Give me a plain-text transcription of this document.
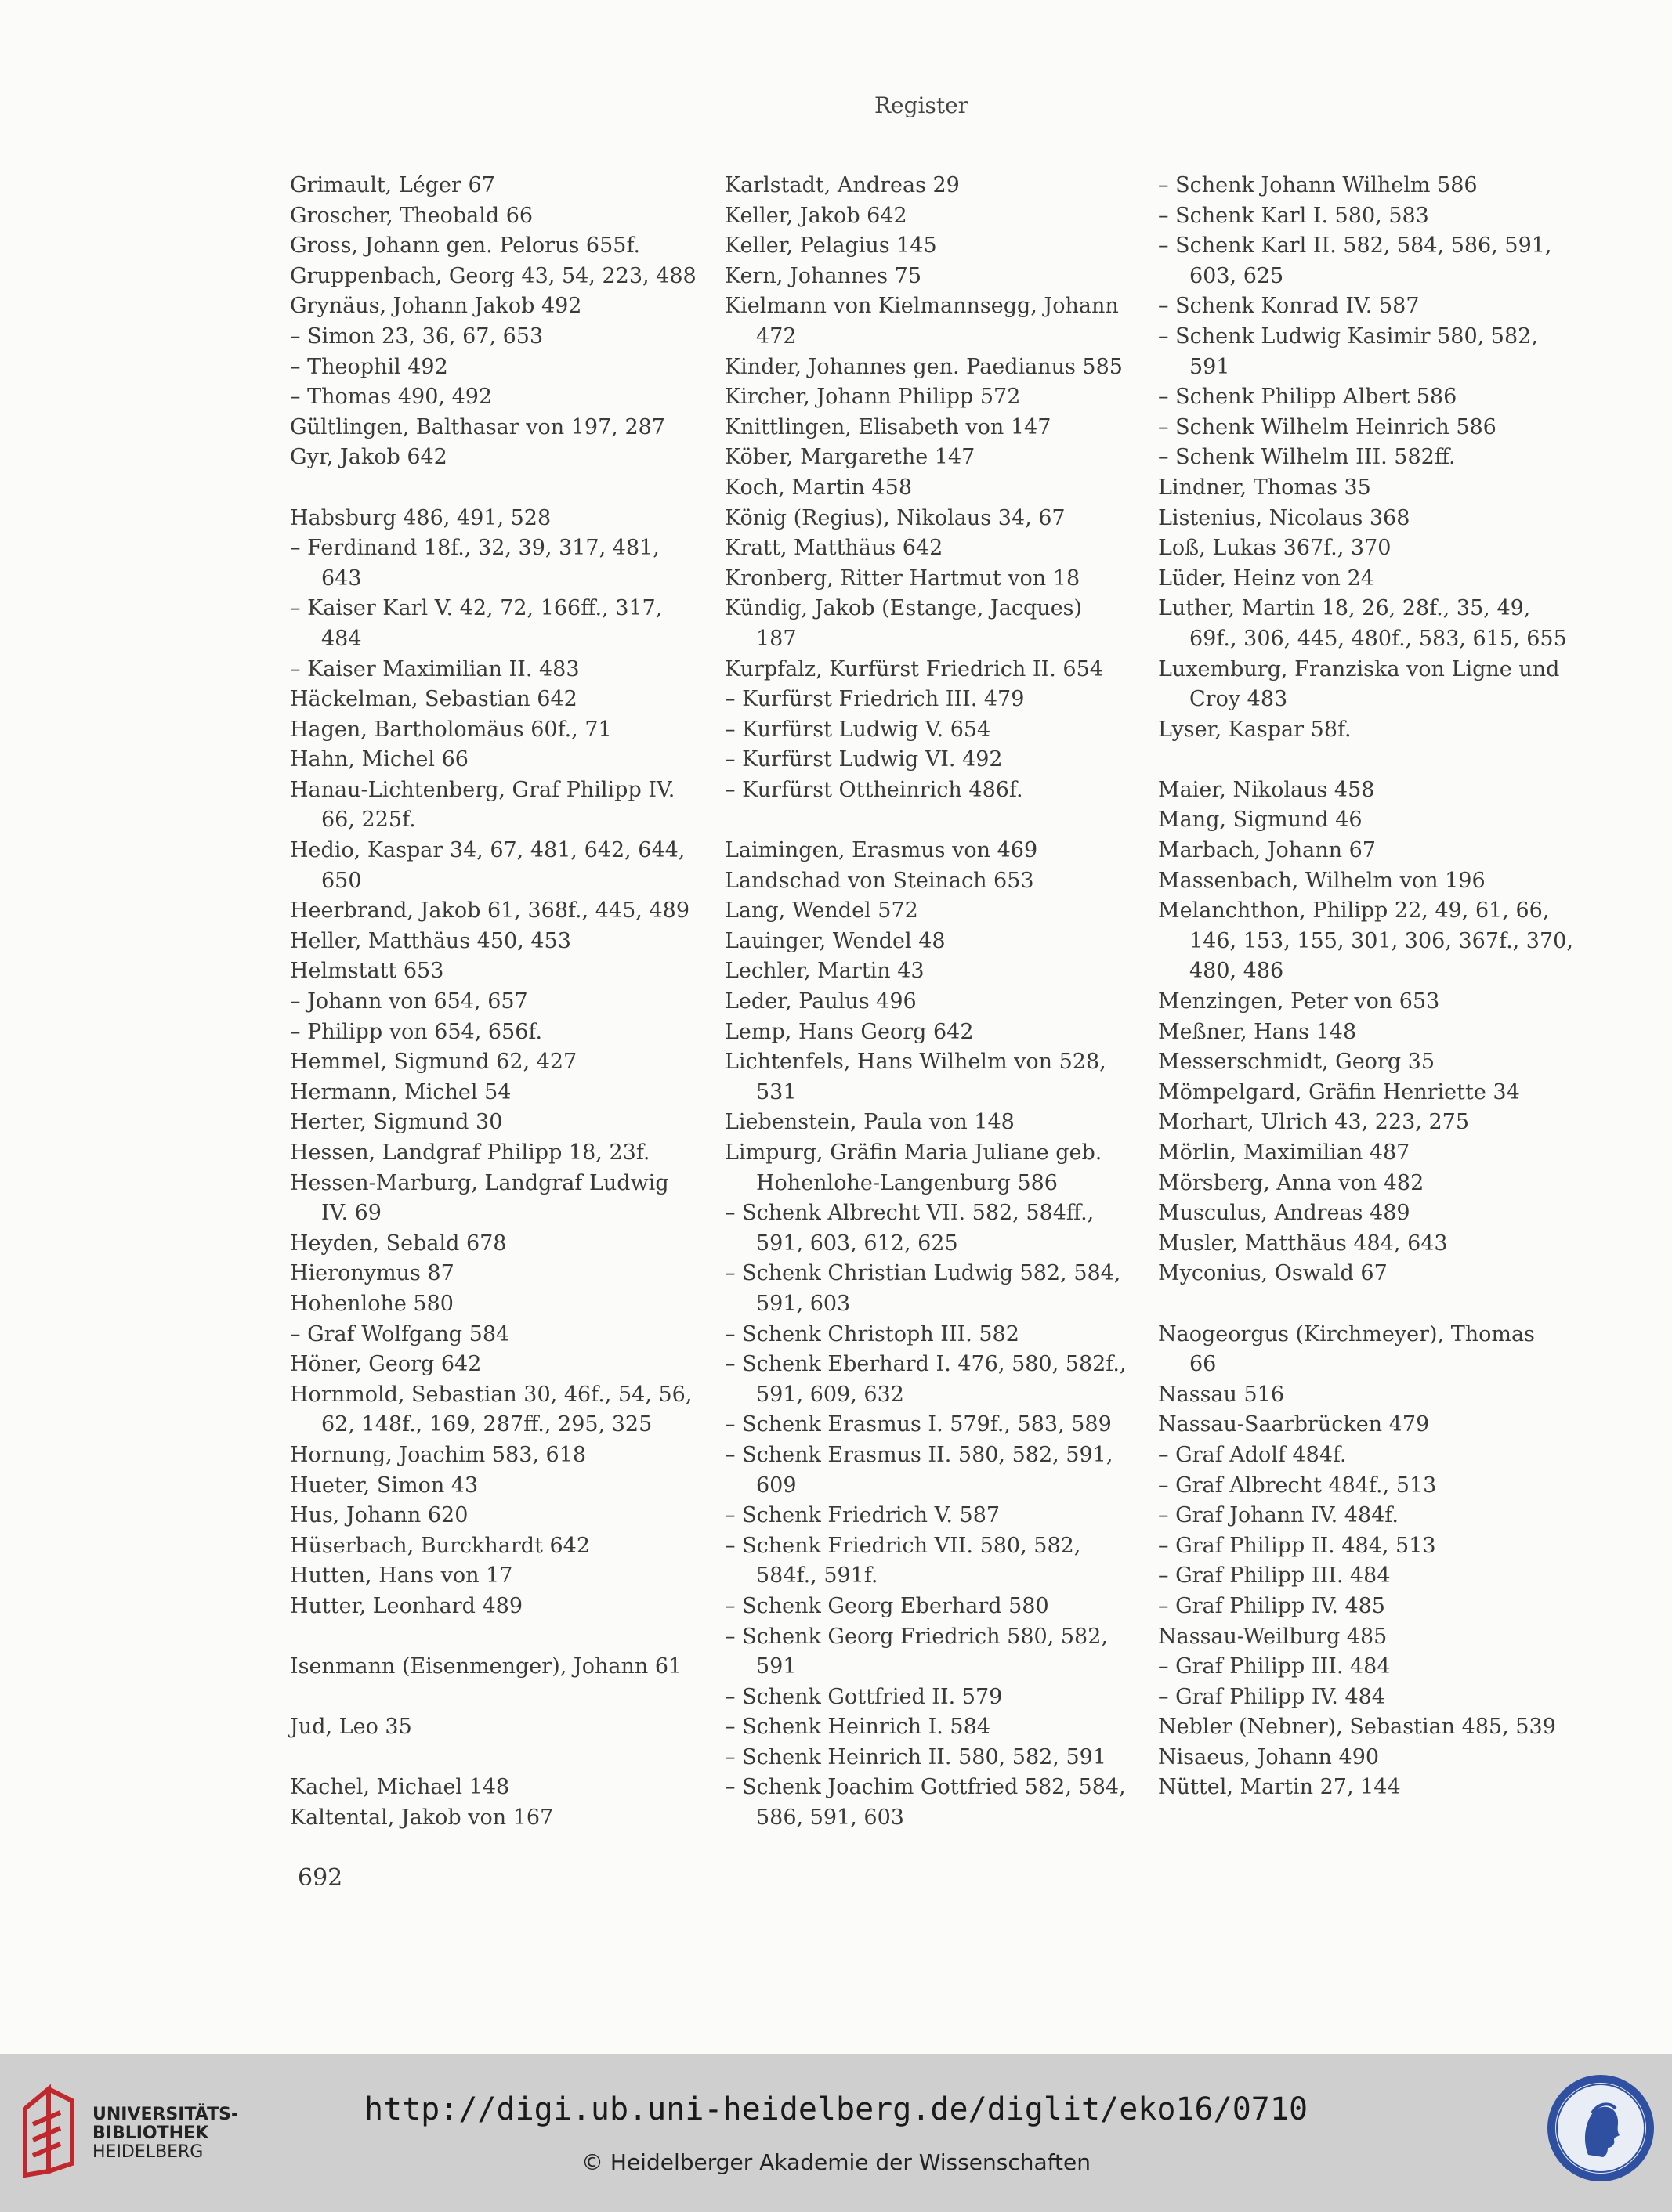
Register
Grimault, Léger 67
Groscher, Theobald 66
Gross, Johann gen. Pelorus 655f.
Gruppenbach, Georg 43, 54, 223, 488
Grynäus, Johann Jakob 492
– Simon 23, 36, 67, 653
– Theophil 492
– Thomas 490, 492
Gültlingen, Balthasar von 197, 287
Gyr, Jakob 642
Habsburg 486, 491, 528
– Ferdinand 18f., 32, 39, 317, 481,
643
– Kaiser Karl V. 42, 72, 166ff., 317,
484
– Kaiser Maximilian II. 483
Häckelman, Sebastian 642
Hagen, Bartholomäus 60f., 71
Hahn, Michel 66
Hanau-Lichtenberg, Graf Philipp IV.
66, 225f.
Hedio, Kaspar 34, 67, 481, 642, 644,
650
Heerbrand, Jakob 61, 368f., 445, 489
Heller, Matthäus 450, 453
Helmstatt 653
– Johann von 654, 657
– Philipp von 654, 656f.
Hemmel, Sigmund 62, 427
Hermann, Michel 54
Herter, Sigmund 30
Hessen, Landgraf Philipp 18, 23f.
Hessen-Marburg, Landgraf Ludwig
IV. 69
Heyden, Sebald 678
Hieronymus 87
Hohenlohe 580
– Graf Wolfgang 584
Höner, Georg 642
Hornmold, Sebastian 30, 46f., 54, 56,
62, 148f., 169, 287ff., 295, 325
Hornung, Joachim 583, 618
Hueter, Simon 43
Hus, Johann 620
Hüserbach, Burckhardt 642
Hutten, Hans von 17
Hutter, Leonhard 489
Isenmann (Eisenmenger), Johann 61
Jud, Leo 35
Kachel, Michael 148
Kaltental, Jakob von 167
Karlstadt, Andreas 29
Keller, Jakob 642
Keller, Pelagius 145
Kern, Johannes 75
Kielmann von Kielmannsegg, Johann
472
Kinder, Johannes gen. Paedianus 585
Kircher, Johann Philipp 572
Knittlingen, Elisabeth von 147
Köber, Margarethe 147
Koch, Martin 458
König (Regius), Nikolaus 34, 67
Kratt, Matthäus 642
Kronberg, Ritter Hartmut von 18
Kündig, Jakob (Estange, Jacques)
187
Kurpfalz, Kurfürst Friedrich II. 654
– Kurfürst Friedrich III. 479
– Kurfürst Ludwig V. 654
– Kurfürst Ludwig VI. 492
– Kurfürst Ottheinrich 486f.
Laimingen, Erasmus von 469
Landschad von Steinach 653
Lang, Wendel 572
Lauinger, Wendel 48
Lechler, Martin 43
Leder, Paulus 496
Lemp, Hans Georg 642
Lichtenfels, Hans Wilhelm von 528,
531
Liebenstein, Paula von 148
Limpurg, Gräfin Maria Juliane geb.
Hohenlohe-Langenburg 586
– Schenk Albrecht VII. 582, 584ff.,
591, 603, 612, 625
– Schenk Christian Ludwig 582, 584,
591, 603
– Schenk Christoph III. 582
– Schenk Eberhard I. 476, 580, 582f.,
591, 609, 632
– Schenk Erasmus I. 579f., 583, 589
– Schenk Erasmus II. 580, 582, 591,
609
– Schenk Friedrich V. 587
– Schenk Friedrich VII. 580, 582,
584f., 591f.
– Schenk Georg Eberhard 580
– Schenk Georg Friedrich 580, 582,
591
– Schenk Gottfried II. 579
– Schenk Heinrich I. 584
– Schenk Heinrich II. 580, 582, 591
– Schenk Joachim Gottfried 582, 584,
586, 591, 603
– Schenk Johann Wilhelm 586
– Schenk Karl I. 580, 583
– Schenk Karl II. 582, 584, 586, 591,
603, 625
– Schenk Konrad IV. 587
– Schenk Ludwig Kasimir 580, 582,
591
– Schenk Philipp Albert 586
– Schenk Wilhelm Heinrich 586
– Schenk Wilhelm III. 582ff.
Lindner, Thomas 35
Listenius, Nicolaus 368
Loß, Lukas 367f., 370
Lüder, Heinz von 24
Luther, Martin 18, 26, 28f., 35, 49,
69f., 306, 445, 480f., 583, 615, 655
Luxemburg, Franziska von Ligne und
Croy 483
Lyser, Kaspar 58f.
Maier, Nikolaus 458
Mang, Sigmund 46
Marbach, Johann 67
Massenbach, Wilhelm von 196
Melanchthon, Philipp 22, 49, 61, 66,
146, 153, 155, 301, 306, 367f., 370,
480, 486
Menzingen, Peter von 653
Meßner, Hans 148
Messerschmidt, Georg 35
Mömpelgard, Gräfin Henriette 34
Morhart, Ulrich 43, 223, 275
Mörlin, Maximilian 487
Mörsberg, Anna von 482
Musculus, Andreas 489
Musler, Matthäus 484, 643
Myconius, Oswald 67
Naogeorgus (Kirchmeyer), Thomas
66
Nassau 516
Nassau-Saarbrücken 479
– Graf Adolf 484f.
– Graf Albrecht 484f., 513
– Graf Johann IV. 484f.
– Graf Philipp II. 484, 513
– Graf Philipp III. 484
– Graf Philipp IV. 485
Nassau-Weilburg 485
– Graf Philipp III. 484
– Graf Philipp IV. 484
Nebler (Nebner), Sebastian 485, 539
Nisaeus, Johann 490
Nüttel, Martin 27, 144
692
UNIVERSITÄTS-
BIBLIOTHEK
HEIDELBERG
http://digi.ub.uni-heidelberg.de/diglit/eko16/0710
© Heidelberger Akademie der Wissenschaften
